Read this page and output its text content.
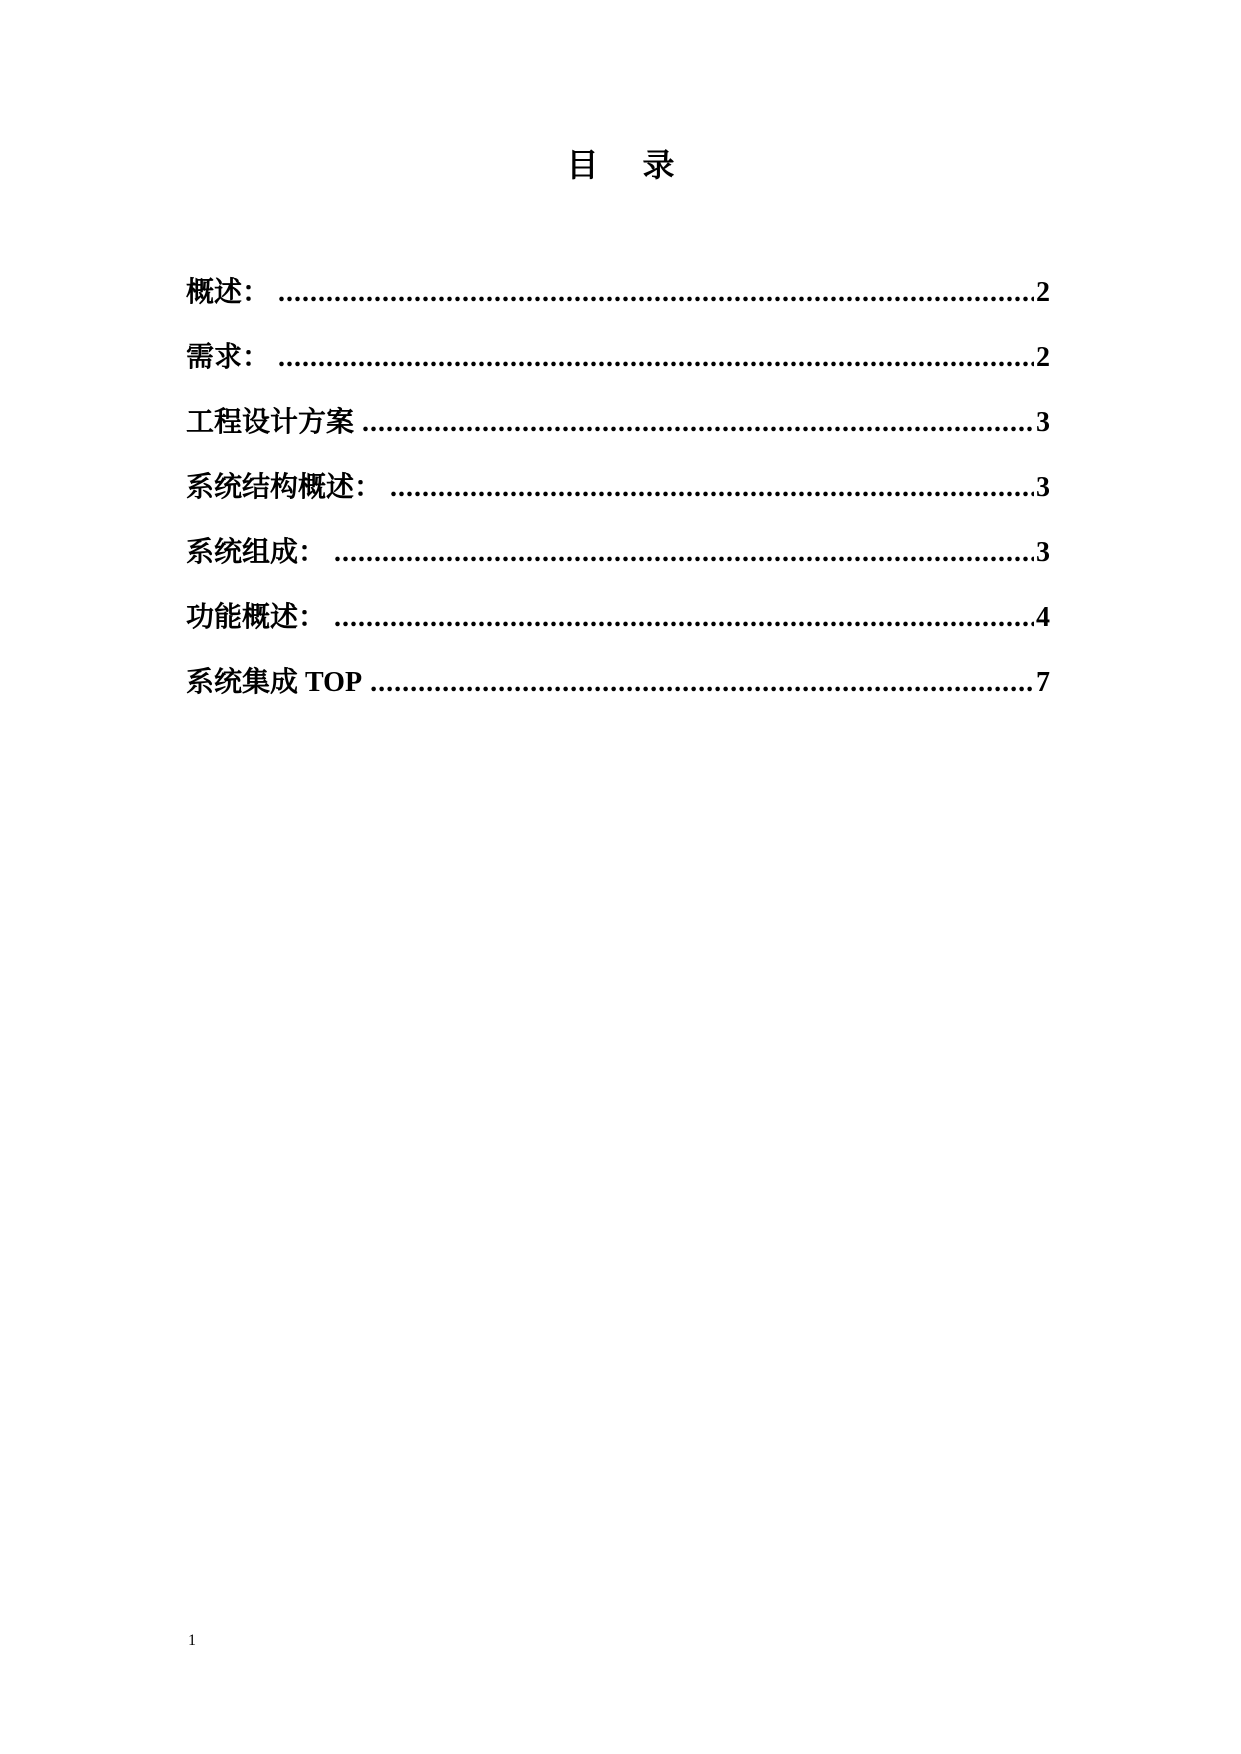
目 录
概述： .....	2
需求： .....	2
工程设计方案 .....	3
系统结构概述： .....	3
系统组成： .....	3
功能概述： .....	4
系统集成 TOP .....	7
1
